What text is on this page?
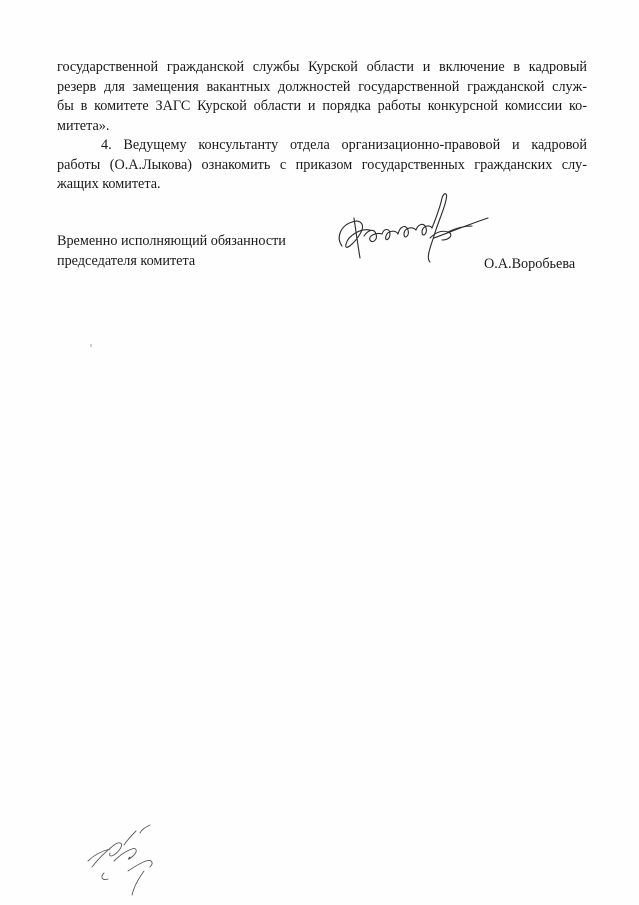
государственной гражданской службы Курской области и включение в кадровый
резерв для замещения вакантных должностей государственной гражданской служ-
бы в комитете ЗАГС Курской области и порядка работы конкурсной комиссии ко-
митета».
4. Ведущему консультанту отдела организационно-правовой и кадровой
работы (О.А.Лыкова) ознакомить с приказом государственных гражданских слу-
жащих комитета.
Временно исполняющий обязанности
председателя комитета	О.А.Воробьева
